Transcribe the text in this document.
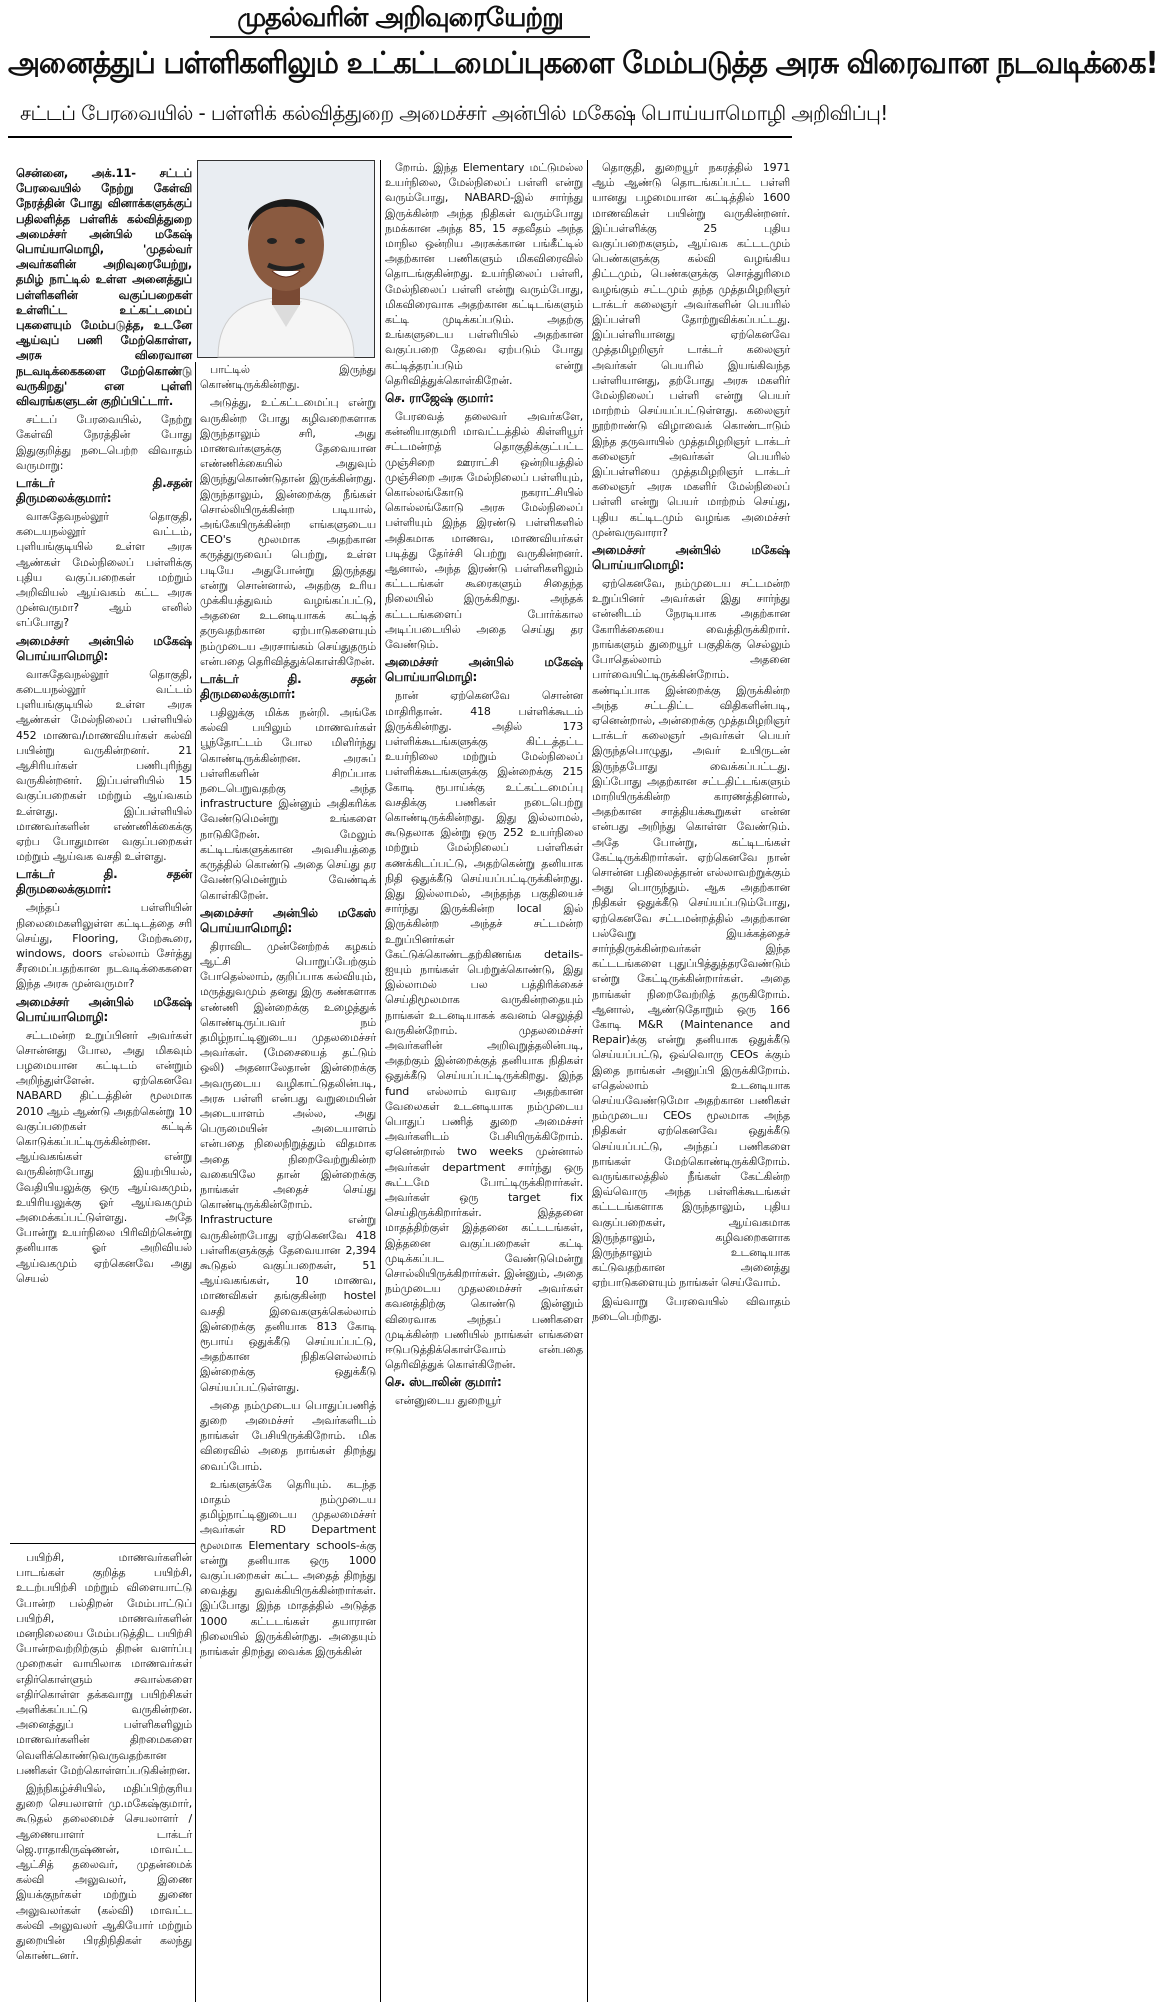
முதல்வரின் அறிவுரையேற்று
அனைத்துப் பள்ளிகளிலும் உட்கட்டமைப்புகளை மேம்படுத்த அரசு விரைவான நடவடிக்கை!
சட்டப் பேரவையில் - பள்ளிக் கல்வித்துறை அமைச்சர் அன்பில் மகேஷ் பொய்யாமொழி அறிவிப்பு!

சென்னை, அக்.11- சட்டப் பேரவையில் நேற்று கேள்வி நேரத்தின் போது வினாக்களுக்குப் பதிலளித்த பள்ளிக் கல்வித்துறை அமைச்சர் அன்பில் மகேஷ் பொய்யாமொழி, 'முதல்வர் அவர்களின் அறிவுரையேற்று, தமிழ் நாட்டில் உள்ள அனைத்துப் பள்ளிகளின் வகுப்பறைகள் உள்ளிட்ட உட்கட்டமைப் புகளையும் மேம்படுத்த, உடனே ஆய்வுப் பணி மேற்கொள்ள, அரசு விரைவான நடவடிக்கைகளை மேற்கொண்டு வருகிறது' என புள்ளி விவரங்களுடன் குறிப்பிட்டார்.

சட்டப் பேரவையில், நேற்று கேள்வி நேரத்தின் போது இதுகுறித்து நடைபெற்ற விவாதம் வருமாறு:

டாக்டர் தி.சதன் திருமலைக்குமார்:

வாசுதேவநல்லூர் தொகுதி, கடையநல்லூர் வட்டம், புளியங்குடியில் உள்ள அரசு ஆண்கள் மேல்நிலைப் பள்ளிக்கு புதிய வகுப்பறைகள் மற்றும் அறிவியல் ஆய்வகம் கட்ட அரசு முன்வருமா? ஆம் எனில் எப்போது?

அமைச்சர் அன்பில் மகேஷ் பொய்யாமொழி:

வாசுதேவநல்லூர் தொகுதி, கடையநல்லூர் வட்டம் புளியங்குடியில் உள்ள அரசு ஆண்கள் மேல்நிலைப் பள்ளியில் 452 மாணவ/மாணவியர்கள் கல்வி பயின்று வருகின்றனர். 21 ஆசிரியர்கள் பணிபுரிந்து வருகின்றனர். இப்பள்ளியில் 15 வகுப்பறைகள் மற்றும் ஆய்வகம் உள்ளது. இப்பள்ளியில் மாணவர்களின் எண்ணிக்கைக்கு ஏற்ப போதுமான வகுப்பறைகள் மற்றும் ஆய்வக வசதி உள்ளது.

டாக்டர் தி. சதன் திருமலைக்குமார்:

அந்தப் பள்ளியின் நிலைமைகளிலுள்ள கட்டிடத்தை சரி செய்து, Flooring, மேற்கூரை, windows, doors எல்லாம் சேர்த்து சீரமைப்பதற்கான நடவடிக்கைகளை இந்த அரசு முன்வருமா?

அமைச்சர் அன்பில் மகேஷ் பொய்யாமொழி:

சட்டமன்ற உறுப்பினர் அவர்கள் சொன்னது போல, அது மிகவும் பழமையான கட்டிடம் என்றும் அறிந்துள்ளேன். ஏற்கெனவே NABARD திட்டத்தின் மூலமாக 2010 ஆம் ஆண்டு அதற்கென்று 10 வகுப்பறைகள் கட்டிக் கொடுக்கப்பட்டிருக்கின்றன. ஆய்வகங்கள் என்று வருகின்றபோது இயற்பியல், வேதியியலுக்கு ஒரு ஆய்வகமும், உயிரியலுக்கு ஓர் ஆய்வகமும் அமைக்கப்பட்டுள்ளது. அதே போன்று உயர்நிலை பிரிவிற்கென்று தனியாக ஓர் அறிவியல் ஆய்வகமும் ஏற்கெனவே அது செயல்

பயிற்சி, மாணவர்களின் பாடங்கள் குறித்த பயிற்சி, உடற்பயிற்சி மற்றும் விளையாட்டு போன்ற பல்திறன் மேம்பாட்டுப் பயிற்சி, மாணவர்களின் மனநிலையை மேம்படுத்திட பயிற்சி போன்றவற்றிற்கும் திறன் வளர்ப்பு முறைகள் வாயிலாக மாணவர்கள் எதிர்கொள்ளும் சவால்களை எதிர்கொள்ள தக்கவாறு பயிற்சிகள் அளிக்கப்பட்டு வருகின்றன. அனைத்துப் பள்ளிகளிலும் மாணவர்களின் திறமைகளை வெளிக்கொண்டுவருவதற்கான பணிகள் மேற்கொள்ளப்படுகின்றன.

இந்நிகழ்ச்சியில், மதிப்பிற்குரிய துறை செயலாளர் மு.மகேஷ்குமார், கூடுதல் தலைமைச் செயலாளர் / ஆணையாளர் டாக்டர் ஜெ.ராதாகிருஷ்ணன், மாவட்ட ஆட்சித் தலைவர், முதன்மைக் கல்வி அலுவலர், இணை இயக்குநர்கள் மற்றும் துணை அலுவலர்கள் (கல்வி) மாவட்ட கல்வி அலுவலர் ஆகியோர் மற்றும் துறையின் பிரதிநிதிகள் கலந்து கொண்டனர்.

பாட்டில் இருந்து கொண்டிருக்கின்றது.

அடுத்து, உட்கட்டமைப்பு என்று வருகின்ற போது கழிவறைகளாக இருந்தாலும் சரி, அது மாணவர்களுக்கு தேவையான எண்ணிக்கையில் அதுவும் இருந்துகொண்டுதான் இருக்கின்றது. இருந்தாலும், இன்றைக்கு நீங்கள் சொல்லியிருக்கின்ற படியால், அங்கேயிருக்கின்ற எங்களுடைய CEO's மூலமாக அதற்கான கருத்துருவைப் பெற்று, உள்ள படியே அதுபோன்று இருந்தது என்று சொன்னால், அதற்கு உரிய முக்கியத்துவம் வழங்கப்பட்டு, அதனை உடனடியாகக் கட்டித் தருவதற்கான ஏற்பாடுகளையும் நம்முடைய அரசாங்கம் செய்துதரும் என்பதை தெரிவித்துக்கொள்கிறேன்.

டாக்டர் தி. சதன் திருமலைக்குமார்:

பதிலுக்கு மிக்க நன்றி. அங்கே கல்வி பயிலும் மாணவர்கள் பூந்தோட்டம் போல மிளிர்ந்து கொண்டிருக்கின்றன. அரசுப் பள்ளிகளின் சிறப்பாக நடைபெறுவதற்கு அந்த infrastructure இன்னும் அதிகரிக்க வேண்டுமென்று உங்களை நாடுகிறேன். மேலும் கட்டிடங்களுக்கான அவசியத்தை கருத்தில் கொண்டு அதை செய்து தர வேண்டுமென்றும் வேண்டிக் கொள்கிறேன்.

அமைச்சர் அன்பில் மகேஸ் பொய்யாமொழி:

திராவிட முன்னேற்றக் கழகம் ஆட்சி பொறுப்பேற்கும் போதெல்லாம், குறிப்பாக கல்வியும், மருத்துவமும் தனது இரு கண்களாக எண்ணி இன்றைக்கு உழைத்துக் கொண்டிருப்பவர் நம் தமிழ்நாட்டினுடைய முதலமைச்சர் அவர்கள். (மேசையைத் தட்டும் ஒலி) அதனாலேதான் இன்றைக்கு அவருடைய வழிகாட்டுதலின்படி, அரசு பள்ளி என்பது வறுமையின் அடையாளம் அல்ல, அது பெருமையின் அடையாளம் என்பதை நிலைநிறுத்தும் விதமாக அதை நிறைவேற்றுகின்ற வகையிலே தான் இன்றைக்கு நாங்கள் அதைச் செய்து கொண்டிருக்கின்றோம். Infrastructure என்று வருகின்றபோது ஏற்கெனவே 418 பள்ளிகளுக்குத் தேவையான 2,394 கூடுதல் வகுப்பறைகள், 51 ஆய்வகங்கள், 10 மாணவ, மாணவிகள் தங்குகின்ற hostel வசதி இவைகளுக்கெல்லாம் இன்றைக்கு தனியாக 813 கோடி ரூபாய் ஒதுக்கீடு செய்யப்பட்டு, அதற்கான நிதிகளெல்லாம் இன்றைக்கு ஒதுக்கீடு செய்யப்பட்டுள்ளது.

அதை நம்முடைய பொதுப்பணித் துறை அமைச்சர் அவர்களிடம் நாங்கள் பேசியிருக்கிறோம். மிக விரைவில் அதை நாங்கள் திறந்து வைப்போம்.

உங்களுக்கே தெரியும். கடந்த மாதம் நம்முடைய தமிழ்நாட்டினுடைய முதலமைச்சர் அவர்கள் RD Department மூலமாக Elementary schools-க்கு என்று தனியாக ஒரு 1000 வகுப்பறைகள் கட்ட அதைத் திறந்து வைத்து துவக்கியிருக்கின்றார்கள். இப்போது இந்த மாதத்தில் அடுத்த 1000 கட்டடங்கள் தயாரான நிலையில் இருக்கின்றது. அதையும் நாங்கள் திறந்து வைக்க இருக்கின்

றோம். இந்த Elementary மட்டுமல்ல உயர்நிலை, மேல்நிலைப் பள்ளி என்று வரும்போது, NABARD-இல் சார்ந்து இருக்கின்ற அந்த நிதிகள் வரும்போது நமக்கான அந்த 85, 15 சதவீதம் அந்த மாநில ஒன்றிய அரசுக்கான பங்கீட்டில் அதற்கான பணிகளும் மிகவிரைவில் தொடங்குகின்றது. உயர்நிலைப் பள்ளி, மேல்நிலைப் பள்ளி என்று வரும்போது, மிகவிரைவாக அதற்கான கட்டிடங்களும் கட்டி முடிக்கப்படும். அதற்கு உங்களுடைய பள்ளியில் அதற்கான வகுப்பறை தேவை ஏற்படும் போது கட்டித்தரப்படும் என்று தெரிவித்துக்கொள்கிறேன்.

செ. ராஜேஷ் குமார்:

பேரவைத் தலைவர் அவர்களே, கன்னியாகுமரி மாவட்டத்தில் கிள்ளியூர் சட்டமன்றத் தொகுதிக்குட்பட்ட முஞ்சிறை ஊராட்சி ஒன்றியத்தில் முஞ்சிறை அரசு மேல்நிலைப் பள்ளியும், கொல்லங்கோடு நகராட்சியில் கொல்லங்கோடு அரசு மேல்நிலைப் பள்ளியும் இந்த இரண்டு பள்ளிகளில் அதிகமாக மாணவ, மாணவியர்கள் படித்து தேர்ச்சி பெற்று வருகின்றனர். ஆனால், அந்த இரண்டு பள்ளிகளிலும் கட்டடங்கள் கூரைகளும் சிதைந்த நிலையில் இருக்கிறது. அந்தக் கட்டடங்களைப் போர்க்கால அடிப்படையில் அதை செய்து தர வேண்டும்.

அமைச்சர் அன்பில் மகேஷ் பொய்யாமொழி:

நான் ஏற்கெனவே சொன்ன மாதிரிதான். 418 பள்ளிக்கூடம் இருக்கின்றது. அதில் 173 பள்ளிக்கூடங்களுக்கு கிட்டத்தட்ட உயர்நிலை மற்றும் மேல்நிலைப் பள்ளிக்கூடங்களுக்கு இன்றைக்கு 215 கோடி ரூபாய்க்கு உட்கட்டமைப்பு வசதிக்கு பணிகள் நடைபெற்று கொண்டிருக்கின்றது. இது இல்லாமல், கூடுதலாக இன்று ஒரு 252 உயர்நிலை மற்றும் மேல்நிலைப் பள்ளிகள் கணக்கிடப்பட்டு, அதற்கென்று தனியாக நிதி ஒதுக்கீடு செய்யப்பட்டிருக்கின்றது. இது இல்லாமல், அந்தந்த பகுதியைச் சார்ந்து இருக்கின்ற local இல் இருக்கின்ற அந்தச் சட்டமன்ற உறுப்பினர்கள் கேட்டுக்கொண்டதற்கிணங்க details-ஐயும் நாங்கள் பெற்றுக்கொண்டு, இது இல்லாமல் பல பத்திரிக்கைச் செய்திமூலமாக வருகின்றதையும் நாங்கள் உடனடியாகக் கவனம் செலுத்தி வருகின்றோம். முதலமைச்சர் அவர்களின் அறிவுறுத்தலின்படி, அதற்கும் இன்றைக்குத் தனியாக நிதிகள் ஒதுக்கீடு செய்யப்பட்டிருக்கிறது. இந்த fund எல்லாம் வரவர அதற்கான வேலைகள் உடனடியாக நம்முடைய பொதுப் பணித் துறை அமைச்சர் அவர்களிடம் பேசியிருக்கிறோம். ஏனென்றால் two weeks முன்னால் அவர்கள் department சார்ந்து ஒரு கூட்டமே போட்டிருக்கிறார்கள். அவர்கள் ஒரு target fix செய்திருக்கிறார்கள். இத்தனை மாதத்திற்குள் இத்தனை கட்டடங்கள், இத்தனை வகுப்பறைகள் கட்டி முடிக்கப்பட வேண்டுமென்று சொல்லியிருக்கிறார்கள். இன்னும், அதை நம்முடைய முதலமைச்சர் அவர்கள் கவனத்திற்கு கொண்டு இன்னும் விரைவாக அந்தப் பணிகளை முடிக்கின்ற பணியில் நாங்கள் எங்களை ஈடுபடுத்திக்கொள்வோம் என்பதை தெரிவித்துக் கொள்கிறேன்.

செ. ஸ்டாலின் குமார்:

என்னுடைய துறையூர்

தொகுதி, துறையூர் நகரத்தில் 1971 ஆம் ஆண்டு தொடங்கப்பட்ட பள்ளி யானது பழமையான கட்டித்தில் 1600 மாணவிகள் பயின்று வருகின்றனர். இப்பள்ளிக்கு 25 புதிய வகுப்பறைகளும், ஆய்வக கட்டடமும் பெண்களுக்கு கல்வி வழங்கிய திட்டமும், பெண்களுக்கு சொத்துரிமை வழங்கும் சட்டமும் தந்த முத்தமிழறிஞர் டாக்டர் கலைஞர் அவர்களின் பெயரில் இப்பள்ளி தோற்றுவிக்கப்பட்டது. இப்பள்ளியானது ஏற்கெனவே முத்தமிழறிஞர் டாக்டர் கலைஞர் அவர்கள் பெயரில் இயங்கிவந்த பள்ளியானது, தற்போது அரசு மகளிர் மேல்நிலைப் பள்ளி என்று பெயர் மாற்றம் செய்யப்பட்டுள்ளது. கலைஞர் நூற்றாண்டு விழாவைக் கொண்டாடும் இந்த தருவாயில் முத்தமிழறிஞர் டாக்டர் கலைஞர் அவர்கள் பெயரில் இப்பள்ளியை முத்தமிழறிஞர் டாக்டர் கலைஞர் அரசு மகளிர் மேல்நிலைப் பள்ளி என்று பெயர் மாற்றம் செய்து, புதிய கட்டிடமும் வழங்க அமைச்சர் முன்வருவாரா?

அமைச்சர் அன்பில் மகேஷ் பொய்யாமொழி:

ஏற்கெனவே, நம்முடைய சட்டமன்ற உறுப்பினர் அவர்கள் இது சார்ந்து என்னிடம் நேரடியாக அதற்கான கோரிக்கையை வைத்திருக்கிறார். நாங்களும் துறையூர் பகுதிக்கு செல்லும் போதெல்லாம் அதனை பார்வையிட்டிருக்கின்றோம். கண்டிப்பாக இன்றைக்கு இருக்கின்ற அந்த சட்டதிட்ட விதிகளின்படி, ஏனென்றால், அன்றைக்கு முத்தமிழறிஞர் டாக்டர் கலைஞர் அவர்கள் பெயர் இருந்தபொழுது, அவர் உயிருடன் இருந்தபோது வைக்கப்பட்டது. இப்போது அதற்கான சட்டதிட்டங்களும் மாறியிருக்கின்ற காரணத்தினால், அதற்கான சாத்தியக்கூறுகள் என்ன என்பது அறிந்து கொள்ள வேண்டும். அதே போன்று, கட்டிடங்கள் கேட்டிருக்கிறார்கள். ஏற்கெனவே நான் சொன்ன பதிலைத்தான் எல்லாவற்றுக்கும் அது பொருந்தும். ஆக அதற்கான நிதிகள் ஒதுக்கீடு செய்யப்படும்போது, ஏற்கெனவே சட்டமன்றத்தில் அதற்கான பல்வேறு இயக்கத்தைச் சார்ந்திருக்கின்றவர்கள் இந்த கட்டடங்களை புதுப்பித்துத்தரவேண்டும் என்று கேட்டிருக்கின்றார்கள். அதை நாங்கள் நிறைவேற்றித் தருகிறோம். ஆனால், ஆண்டுதோறும் ஒரு 166 கோடி M&R (Maintenance and Repair)க்கு என்று தனியாக ஒதுக்கீடு செய்யப்பட்டு, ஒவ்வொரு CEOs க்கும் இதை நாங்கள் அனுப்பி இருக்கிறோம். எதெல்லாம் உடனடியாக செய்யவேண்டுமோ அதற்கான பணிகள் நம்முடைய CEOs மூலமாக அந்த நிதிகள் ஏற்கெனவே ஒதுக்கீடு செய்யப்பட்டு, அந்தப் பணிகளை நாங்கள் மேற்கொண்டிருக்கிறோம். வருங்காலத்தில் நீங்கள் கேட்கின்ற இவ்வொரு அந்த பள்ளிக்கூடங்கள் கட்டடங்களாக இருந்தாலும், புதிய வகுப்பறைகள், ஆய்வகமாக இருந்தாலும், கழிவறைகளாக இருந்தாலும் உடனடியாக கட்டுவதற்கான அனைத்து ஏற்பாடுகளையும் நாங்கள் செய்வோம்.

இவ்வாறு பேரவையில் விவாதம் நடைபெற்றது.
